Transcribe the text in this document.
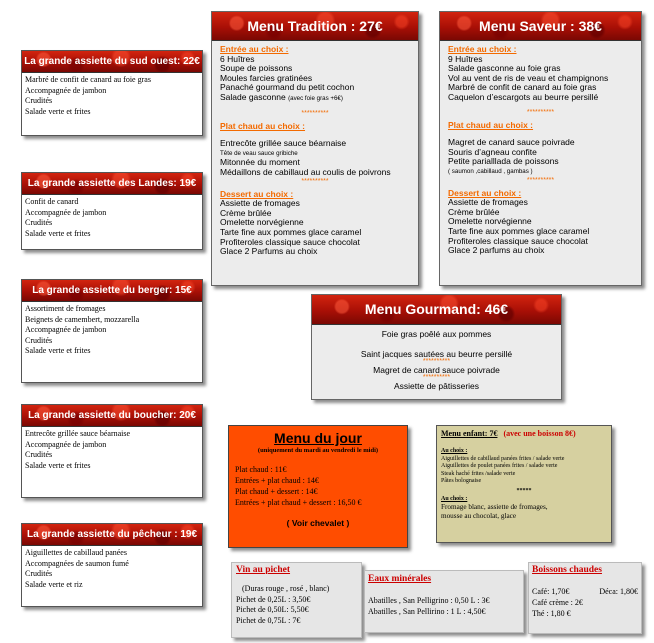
La grande assiette du sud ouest: 22€
Marbré de confit de canard au foie gras
Accompagnée de jambon
Crudités
Salade verte et frites
La grande assiette des Landes: 19€
Confit de canard
Accompagnée de jambon
Crudités
Salade verte et frites
La grande assiette du berger: 15€
Assortiment de fromages
Beignets de camembert, mozzarella
Accompagnée de jambon
Crudités
Salade verte et frites
La grande assiette du boucher: 20€
Entrecôte grillée sauce béarnaise
Accompagnée de jambon
Crudités
Salade verte et frites
La grande assiette du pêcheur : 19€
Aiguillettes de cabillaud panées
Accompagnées de saumon fumé
Crudités
Salade verte et riz
Menu Tradition : 27€
Entrée au choix :
6 Huîtres
Soupe de poissons
Moules farcies gratinées
Panaché gourmand du petit cochon
Salade gasconne (avec foie gras +6€)
**********
Plat chaud au choix :
Entrecôte grillée sauce béarnaise
Tête de veau sauce gribiche
Mitonnée du moment
Médaillons de cabillaud au coulis de poivrons
**********
Dessert au choix :
Assiette de fromages
Crème brûlée
Omelette norvégienne
Tarte fine aux pommes glace caramel
Profiteroles classique sauce chocolat
Glace 2 Parfums au choix
Menu Saveur : 38€
Entrée au choix :
9 Huîtres
Salade gasconne au foie gras
Vol au vent de ris de veau et champignons
Marbré de confit de canard au foie gras
Caquelon d’escargots au beurre persillé
**********
Plat chaud au choix :
Magret de canard sauce poivrade
Souris d’agneau confite
Petite parialllada de poissons
( saumon ,cabillaud , gambas )
**********
Dessert au choix :
Assiette de fromages
Crème brûlée
Omelette norvégienne
Tarte fine aux pommes glace caramel
Profiteroles classique sauce chocolat
Glace 2 parfums au choix
Menu Gourmand: 46€
Foie gras poêlé aux pommes
Saint jacques sautées au beurre persillé
**********
Magret de canard sauce poivrade
**********
Assiette de pâtisseries
Menu du jour
(uniquement du mardi au vendredi le midi)
Plat chaud : 11€
Entrées + plat chaud : 14€
Plat chaud + dessert : 14€
Entrées + plat chaud + dessert : 16,50 €
( Voir chevalet )
Menu enfant: 7€ (avec une boisson 8€)
Au choix :
Aiguillettes de cabillaud panées frites / salade verte
Aiguillettes de poulet panées frites / salade verte
Steak haché frites /salade verte
Pâtes bolognaise
*****
Au choix :
Fromage blanc, assiette de fromages,
mousse au chocolat, glace
Vin au pichet
(Duras rouge , rosé , blanc)
Pichet de 0,25L : 3,50€
Pichet de 0,50L: 5,50€
Pichet de 0,75L : 7€
Eaux minérales
Abatilles , San Pelligrino : 0,50 L : 3€
Abatilles , San Pellirino : 1 L : 4,50€
Boissons chaudes
Café: 1,70€	Déca: 1,80€
Café crème : 2€
Thé : 1,80 €
